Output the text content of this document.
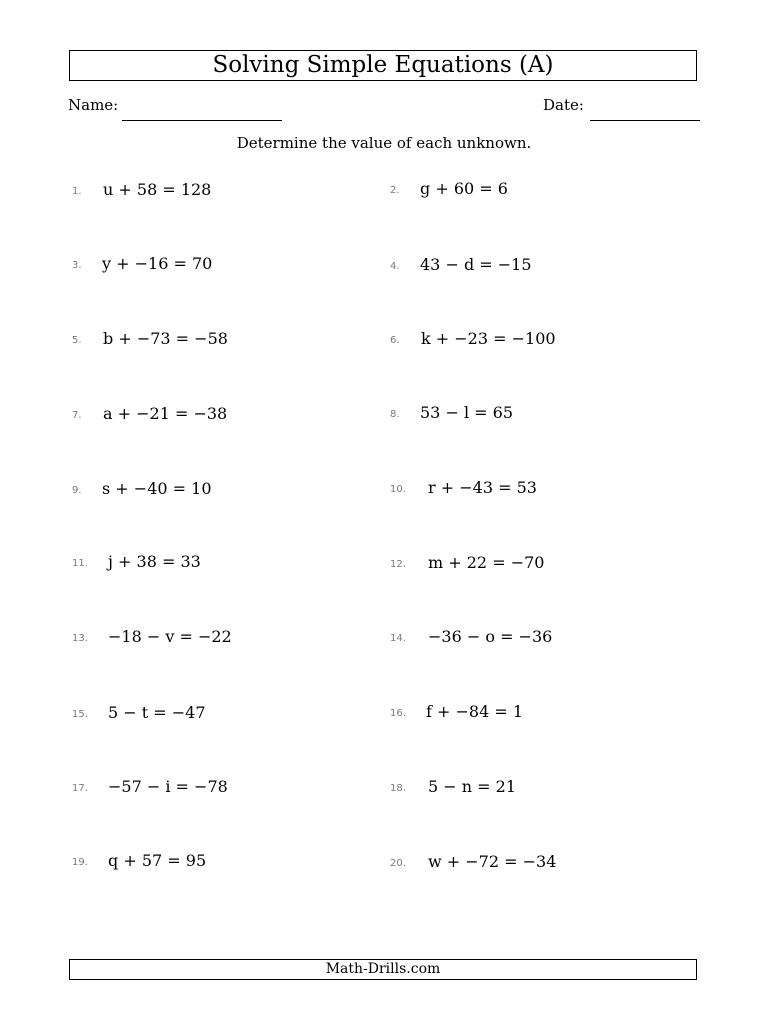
Solving Simple Equations (A)
Name:	Date:
Determine the value of each unknown.
1. u + 58 = 128
3. y + −16 = 70
5. b + −73 = −58
7. a + −21 = −38
9. s + −40 = 10
11. j + 38 = 33
13. −18 − v = −22
15. 5 − t = −47
17. −57 − i = −78
19. q + 57 = 95
2. g + 60 = 6
4. 43 − d = −15
6. k + −23 = −100
8. 53 − l = 65
10. r + −43 = 53
12. m + 22 = −70
14. −36 − o = −36
16. f + −84 = 1
18. 5 − n = 21
20. w + −72 = −34
Math-Drills.com
